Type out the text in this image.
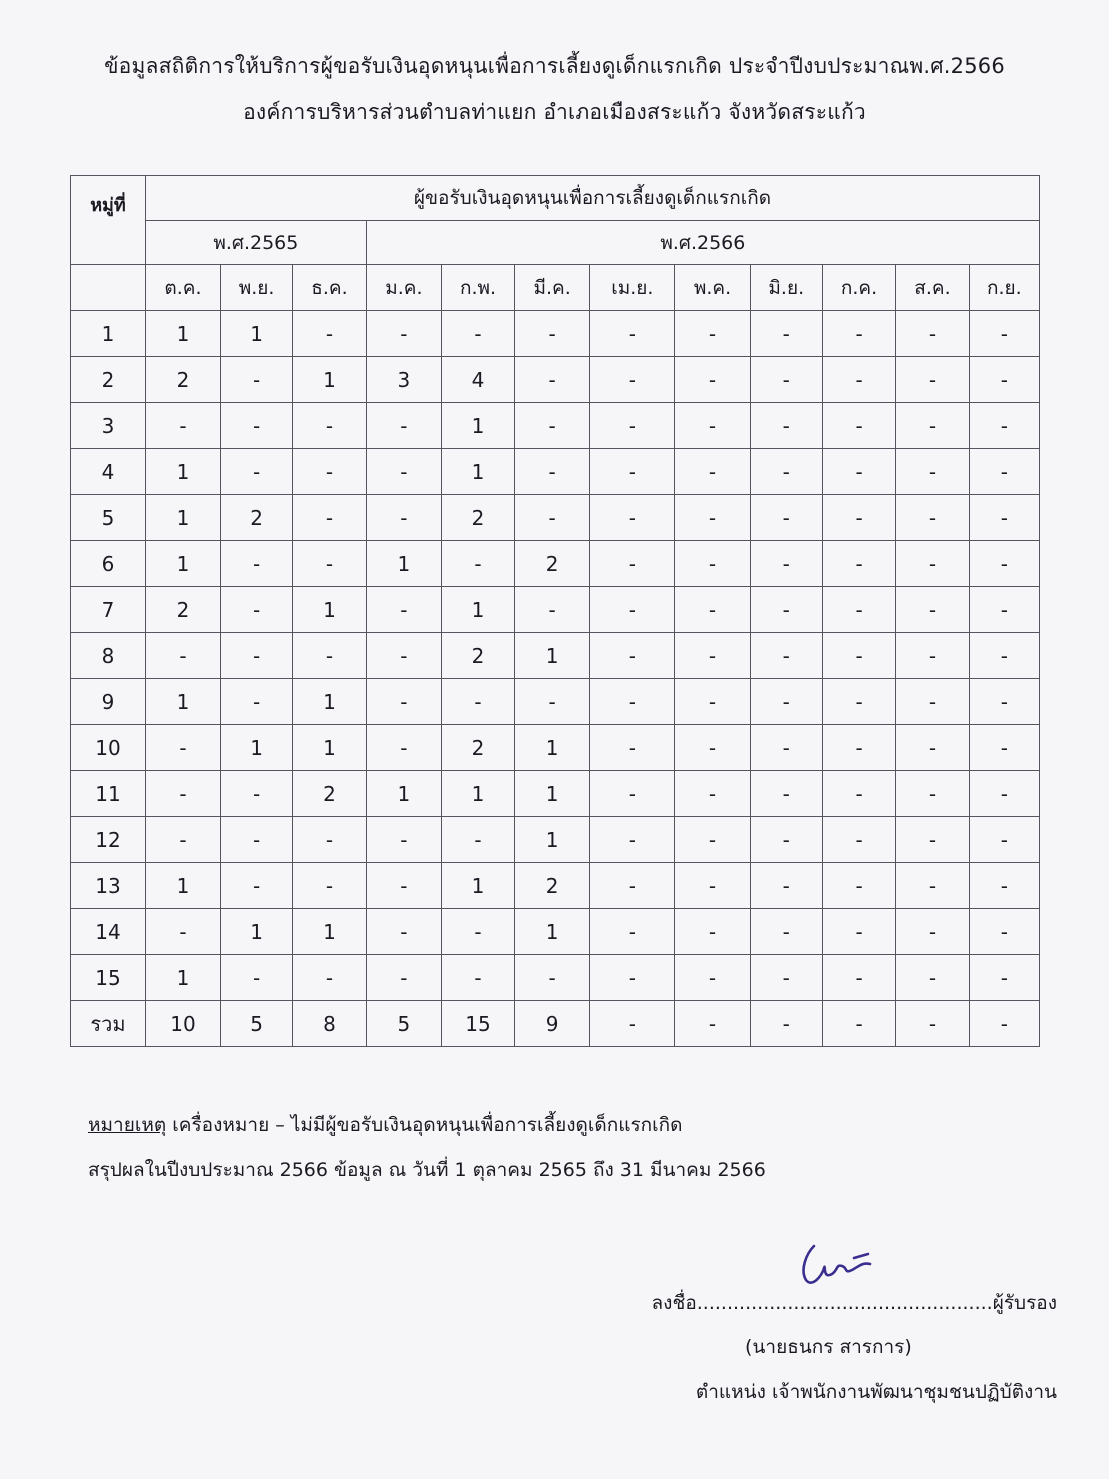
ข้อมูลสถิติการให้บริการผู้ขอรับเงินอุดหนุนเพื่อการเลี้ยงดูเด็กแรกเกิด ประจำปีงบประมาณพ.ศ.2566
องค์การบริหารส่วนตำบลท่าแยก อำเภอเมืองสระแก้ว จังหวัดสระแก้ว
หมู่ที่	ผู้ขอรับเงินอุดหนุนเพื่อการเลี้ยงดูเด็กแรกเกิด											
	พ.ศ.2565			พ.ศ.2566								
	ต.ค.	พ.ย.	ธ.ค.	ม.ค.	ก.พ.	มี.ค.	เม.ย.	พ.ค.	มิ.ย.	ก.ค.	ส.ค.	ก.ย.
1	1	1	-	-	-	-	-	-	-	-	-	-
2	2	-	1	3	4	-	-	-	-	-	-	-
3	-	-	-	-	1	-	-	-	-	-	-	-
4	1	-	-	-	1	-	-	-	-	-	-	-
5	1	2	-	-	2	-	-	-	-	-	-	-
6	1	-	-	1	-	2	-	-	-	-	-	-
7	2	-	1	-	1	-	-	-	-	-	-	-
8	-	-	-	-	2	1	-	-	-	-	-	-
9	1	-	1	-	-	-	-	-	-	-	-	-
10	-	1	1	-	2	1	-	-	-	-	-	-
11	-	-	2	1	1	1	-	-	-	-	-	-
12	-	-	-	-	-	1	-	-	-	-	-	-
13	1	-	-	-	1	2	-	-	-	-	-	-
14	-	1	1	-	-	1	-	-	-	-	-	-
15	1	-	-	-	-	-	-	-	-	-	-	-
รวม	10	5	8	5	15	9	-	-	-	-	-	-
หมายเหตุ เครื่องหมาย – ไม่มีผู้ขอรับเงินอุดหนุนเพื่อการเลี้ยงดูเด็กแรกเกิด
สรุปผลในปีงบประมาณ 2566 ข้อมูล ณ วันที่ 1 ตุลาคม 2565 ถึง 31 มีนาคม 2566
ลงชื่อ.................................................ผู้รับรอง
(นายธนกร สารการ)
ตำแหน่ง เจ้าพนักงานพัฒนาชุมชนปฏิบัติงาน
